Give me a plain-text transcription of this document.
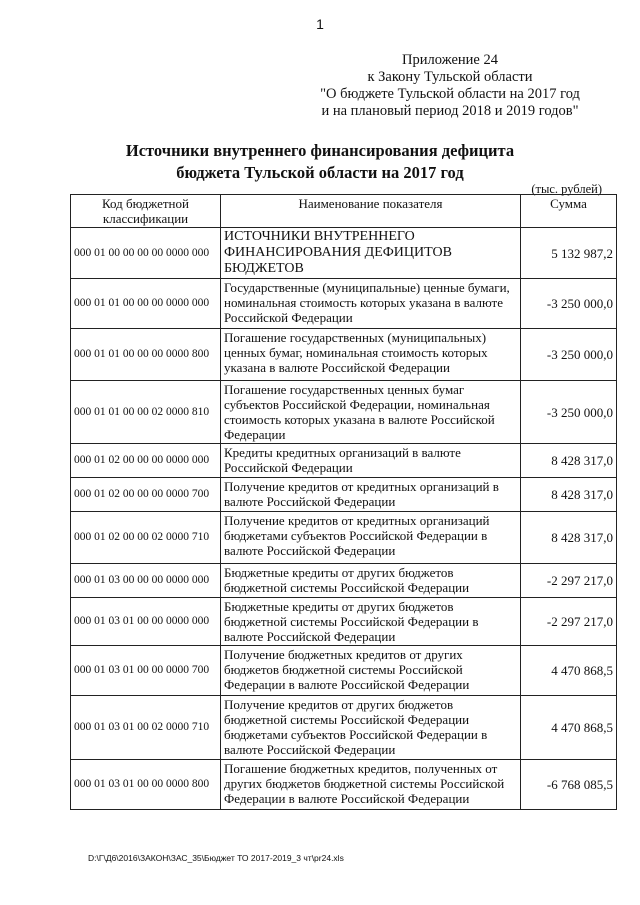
1
Приложение 24
к Закону Тульской области
"О бюджете Тульской области на 2017 год
и на плановый период 2018 и 2019 годов"
Источники внутреннего финансирования дефицита
бюджета Тульской области на 2017 год
(тыс. рублей)
Код бюджетной классификации	Наименование показателя	Сумма
000 01 00 00 00 00 0000 000	ИСТОЧНИКИ ВНУТРЕННЕГО ФИНАНСИРОВАНИЯ ДЕФИЦИТОВ БЮДЖЕТОВ	5 132 987,2
000 01 01 00 00 00 0000 000	Государственные (муниципальные) ценные бумаги, номинальная стоимость которых указана в валюте Российской Федерации	-3 250 000,0
000 01 01 00 00 00 0000 800	Погашение государственных (муниципальных) ценных бумаг, номинальная стоимость которых указана в валюте Российской Федерации	-3 250 000,0
000 01 01 00 00 02 0000 810	Погашение государственных ценных бумаг субъектов Российской Федерации, номинальная стоимость которых указана в валюте Российской Федерации	-3 250 000,0
000 01 02 00 00 00 0000 000	Кредиты кредитных организаций в валюте Российской Федерации	8 428 317,0
000 01 02 00 00 00 0000 700	Получение кредитов от кредитных организаций в валюте Российской Федерации	8 428 317,0
000 01 02 00 00 02 0000 710	Получение кредитов от кредитных организаций бюджетами субъектов Российской Федерации в валюте Российской Федерации	8 428 317,0
000 01 03 00 00 00 0000 000	Бюджетные кредиты от других бюджетов бюджетной системы Российской Федерации	-2 297 217,0
000 01 03 01 00 00 0000 000	Бюджетные кредиты от других бюджетов бюджетной системы Российской Федерации в валюте Российской Федерации	-2 297 217,0
000 01 03 01 00 00 0000 700	Получение бюджетных кредитов от других бюджетов бюджетной системы Российской Федерации в валюте Российской Федерации	4 470 868,5
000 01 03 01 00 02 0000 710	Получение кредитов от других бюджетов бюджетной системы Российской Федерации бюджетами субъектов Российской Федерации в валюте Российской Федерации	4 470 868,5
000 01 03 01 00 00 0000 800	Погашение бюджетных кредитов, полученных от других бюджетов бюджетной системы Российской Федерации в валюте Российской Федерации	-6 768 085,5
D:\Г\Д6\2016\ЗАКОН\ЗАС_35\Бюджет ТО 2017-2019_3 чт\pr24.xls
